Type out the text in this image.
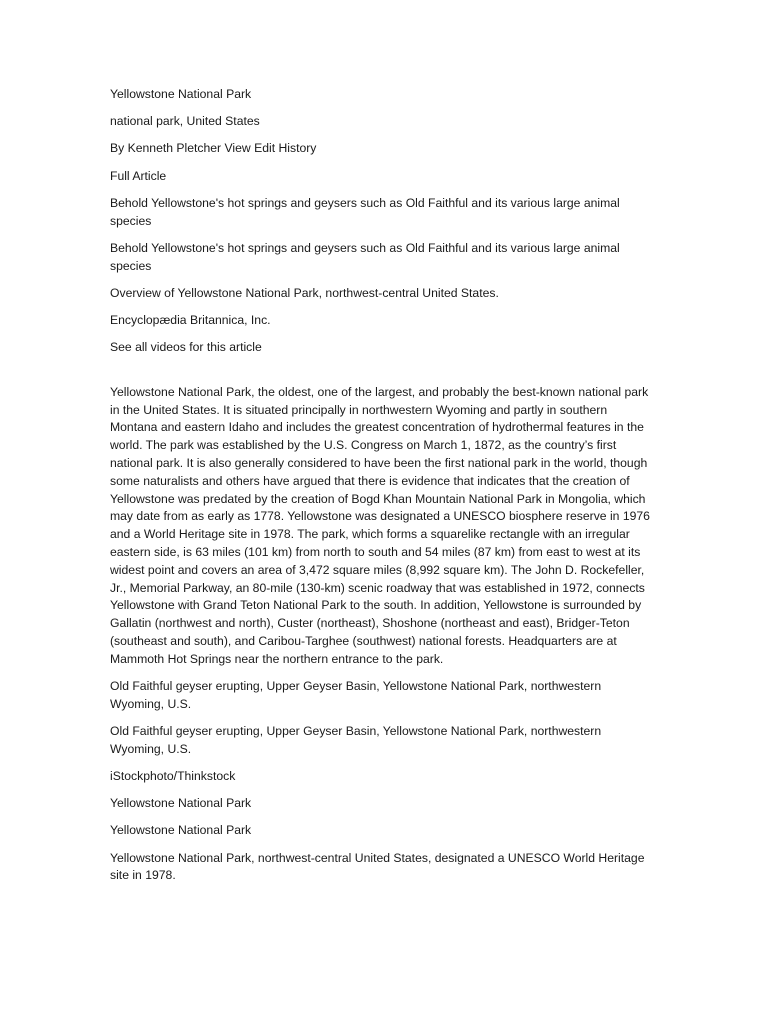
Yellowstone National Park

national park, United States

By Kenneth Pletcher View Edit History

Full Article

Behold Yellowstone's hot springs and geysers such as Old Faithful and its various large animal species

Behold Yellowstone's hot springs and geysers such as Old Faithful and its various large animal species

Overview of Yellowstone National Park, northwest-central United States.

Encyclopædia Britannica, Inc.

See all videos for this article

Yellowstone National Park, the oldest, one of the largest, and probably the best-known national park in the United States. It is situated principally in northwestern Wyoming and partly in southern Montana and eastern Idaho and includes the greatest concentration of hydrothermal features in the world. The park was established by the U.S. Congress on March 1, 1872, as the country’s first national park. It is also generally considered to have been the first national park in the world, though some naturalists and others have argued that there is evidence that indicates that the creation of Yellowstone was predated by the creation of Bogd Khan Mountain National Park in Mongolia, which may date from as early as 1778. Yellowstone was designated a UNESCO biosphere reserve in 1976 and a World Heritage site in 1978. The park, which forms a squarelike rectangle with an irregular eastern side, is 63 miles (101 km) from north to south and 54 miles (87 km) from east to west at its widest point and covers an area of 3,472 square miles (8,992 square km). The John D. Rockefeller, Jr., Memorial Parkway, an 80-mile (130-km) scenic roadway that was established in 1972, connects Yellowstone with Grand Teton National Park to the south. In addition, Yellowstone is surrounded by Gallatin (northwest and north), Custer (northeast), Shoshone (northeast and east), Bridger-Teton (southeast and south), and Caribou-Targhee (southwest) national forests. Headquarters are at Mammoth Hot Springs near the northern entrance to the park.

Old Faithful geyser erupting, Upper Geyser Basin, Yellowstone National Park, northwestern Wyoming, U.S.

Old Faithful geyser erupting, Upper Geyser Basin, Yellowstone National Park, northwestern Wyoming, U.S.

iStockphoto/Thinkstock

Yellowstone National Park

Yellowstone National Park

Yellowstone National Park, northwest-central United States, designated a UNESCO World Heritage site in 1978.
